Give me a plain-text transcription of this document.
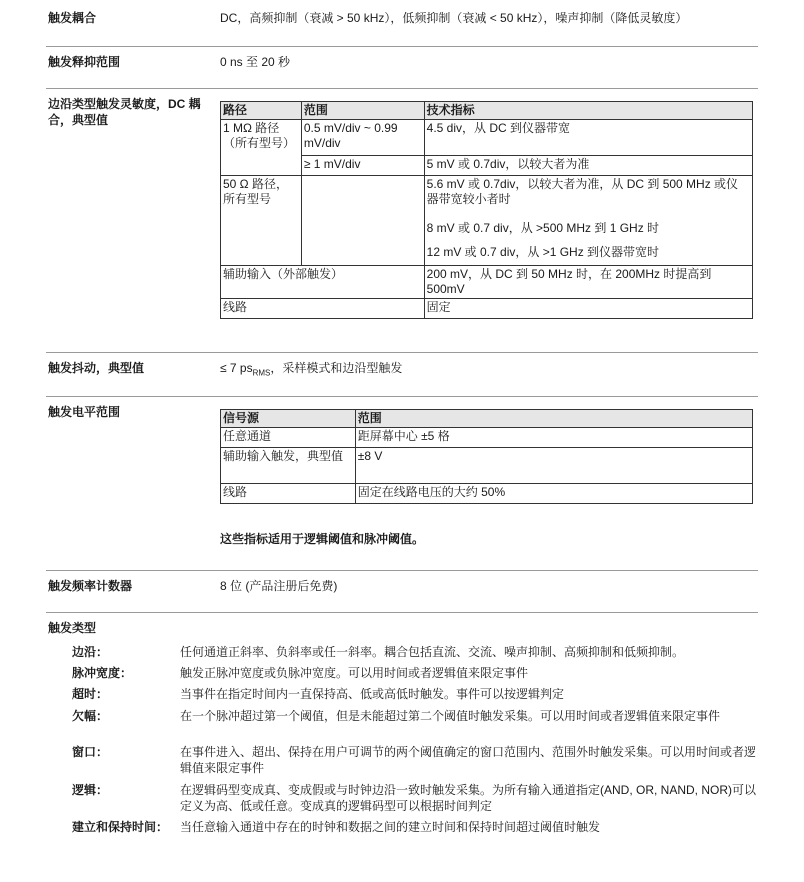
触发耦合	DC，高频抑制（衰减 > 50 kHz），低频抑制（衰减 < 50 kHz），噪声抑制（降低灵敏度）
触发释抑范围	0 ns 至 20 秒
边沿类型触发灵敏度，DC 耦合，典型值
路径	范围	技术指标
1 MΩ 路径（所有型号）	0.5 mV/div ~ 0.99 mV/div	4.5 div，从 DC 到仪器带宽
	≥ 1 mV/div	5 mV 或 0.7div，以较大者为准
50 Ω 路径，所有型号		5.6 mV 或 0.7div，以较大者为准，从 DC 到 500 MHz 或仪器带宽较小者时
		8 mV 或 0.7 div，从 >500 MHz 到 1 GHz 时
		12 mV 或 0.7 div，从 >1 GHz 到仪器带宽时
辅助输入（外部触发）		200 mV，从 DC 到 50 MHz 时，在 200MHz 时提高到 500mV
线路		固定
触发抖动，典型值	≤ 7 $ps_{RMS}$，采样模式和边沿型触发
触发电平范围	信号源	范围
任意通道	距屏幕中心 ±5 格
辅助输入触发，典型值	±8 V
线路	固定在线路电压的大约 50%
这些指标适用于逻辑阈值和脉冲阈值。
触发频率计数器	8 位 (产品注册后免费)
触发类型
边沿：	任何通道正斜率、负斜率或任一斜率。耦合包括直流、交流、噪声抑制、高频抑制和低频抑制。
脉冲宽度：	触发正脉冲宽度或负脉冲宽度。可以用时间或者逻辑值来限定事件
超时：	当事件在指定时间内一直保持高、低或高低时触发。事件可以按逻辑判定
欠幅：	在一个脉冲超过第一个阈值，但是未能超过第二个阈值时触发采集。可以用时间或者逻辑值来限定事件
窗口：	在事件进入、超出、保持在用户可调节的两个阈值确定的窗口范围内、范围外时触发采集。可以用时间或者逻辑值来限定事件
逻辑：	在逻辑码型变成真、变成假或与时钟边沿一致时触发采集。为所有输入通道指定(AND, OR, NAND, NOR)可以定义为高、低或任意。变成真的逻辑码型可以根据时间判定
建立和保持时间： 当任意输入通道中存在的时钟和数据之间的建立时间和保持时间超过阈值时触发
